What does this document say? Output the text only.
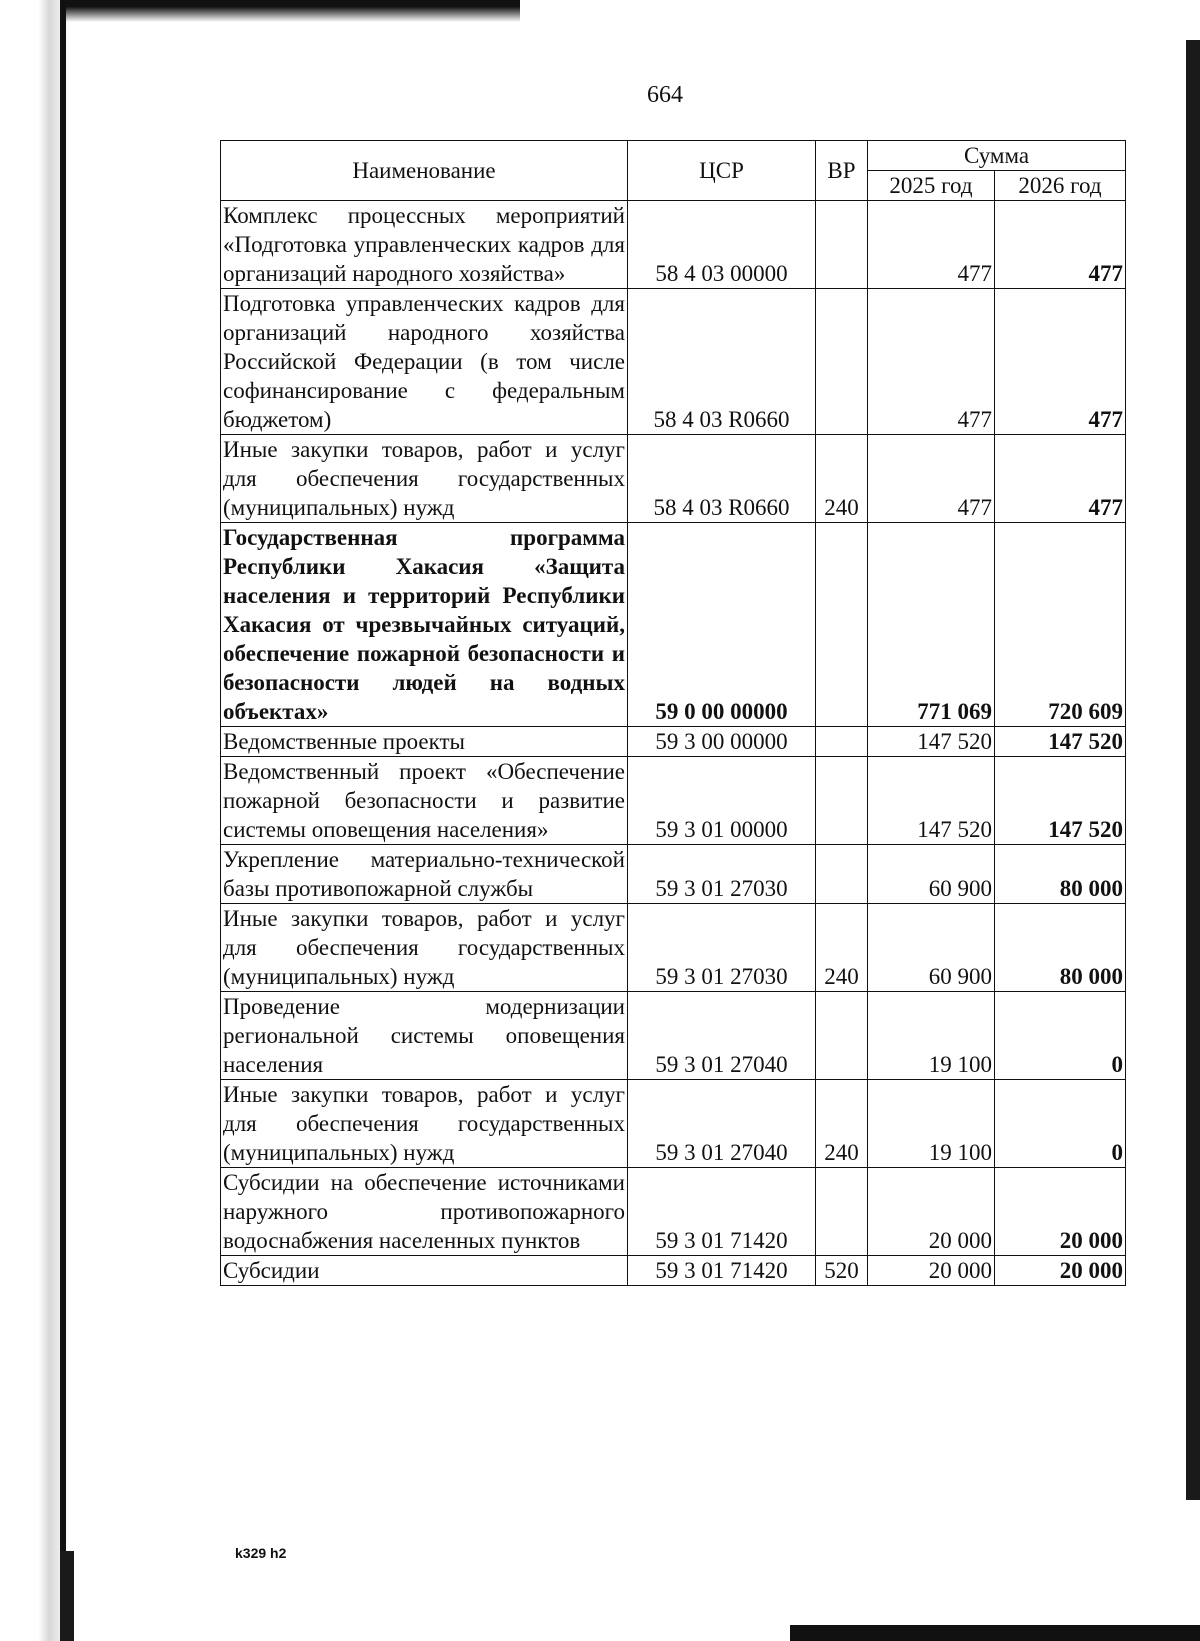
664
Наименование	ЦСР	ВР	Сумма	
			2025 год	2026 год
Комплекс процессных мероприятий «Подготовка управленческих кадров для организаций народного хозяйства»	58 4 03 00000		477	477
Подготовка управленческих кадров для организаций народного хозяйства Российской Федерации (в том числе софинансирование с федеральным бюджетом)	58 4 03 R0660		477	477
Иные закупки товаров, работ и услуг для обеспечения государственных (муниципальных) нужд	58 4 03 R0660	240	477	477
Государственная программа Республики Хакасия «Защита населения и территорий Республики Хакасия от чрезвычайных ситуаций, обеспечение пожарной безопасности и безопасности людей на водных объектах»	59 0 00 00000		771 069	720 609
Ведомственные проекты	59 3 00 00000		147 520	147 520
Ведомственный проект «Обеспечение пожарной безопасности и развитие системы оповещения населения»	59 3 01 00000		147 520	147 520
Укрепление материально-технической базы противопожарной службы	59 3 01 27030		60 900	80 000
Иные закупки товаров, работ и услуг для обеспечения государственных (муниципальных) нужд	59 3 01 27030	240	60 900	80 000
Проведение модернизации региональной системы оповещения населения	59 3 01 27040		19 100	0
Иные закупки товаров, работ и услуг для обеспечения государственных (муниципальных) нужд	59 3 01 27040	240	19 100	0
Субсидии на обеспечение источниками наружного противопожарного водоснабжения населенных пунктов	59 3 01 71420		20 000	20 000
Субсидии	59 3 01 71420	520	20 000	20 000
k329 h2
